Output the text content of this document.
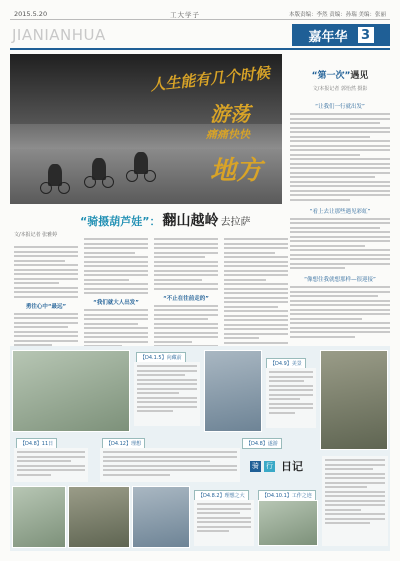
2015.5.20	工大学子	本版责编：李然 责编：孙瑞 美编：张丽
JIANIANHUA	嘉年华 3
人生能有几个时候
游荡
痛痛快快
地方
“第一次”遇见
文/本报记者 郭怡然 摄影
“让我们一行就出发”
“看上去让那些遇见彩虹”
“像想住我就想那样—很迎接”
“骑摄葫芦娃”： 翻山越岭 去拉萨
文/本报记者 张雅婷
勇往心中“最远”
“我们就大人出发”
“不止在往前走的”
【D4.1.5】向藏前
【D4.9】美景
【D4.8】11日	【D4.12】理想	【D4.8】遂游
骑 行 日记
【D4.8.2】理想之大	【D4.10.1】工作之迹
